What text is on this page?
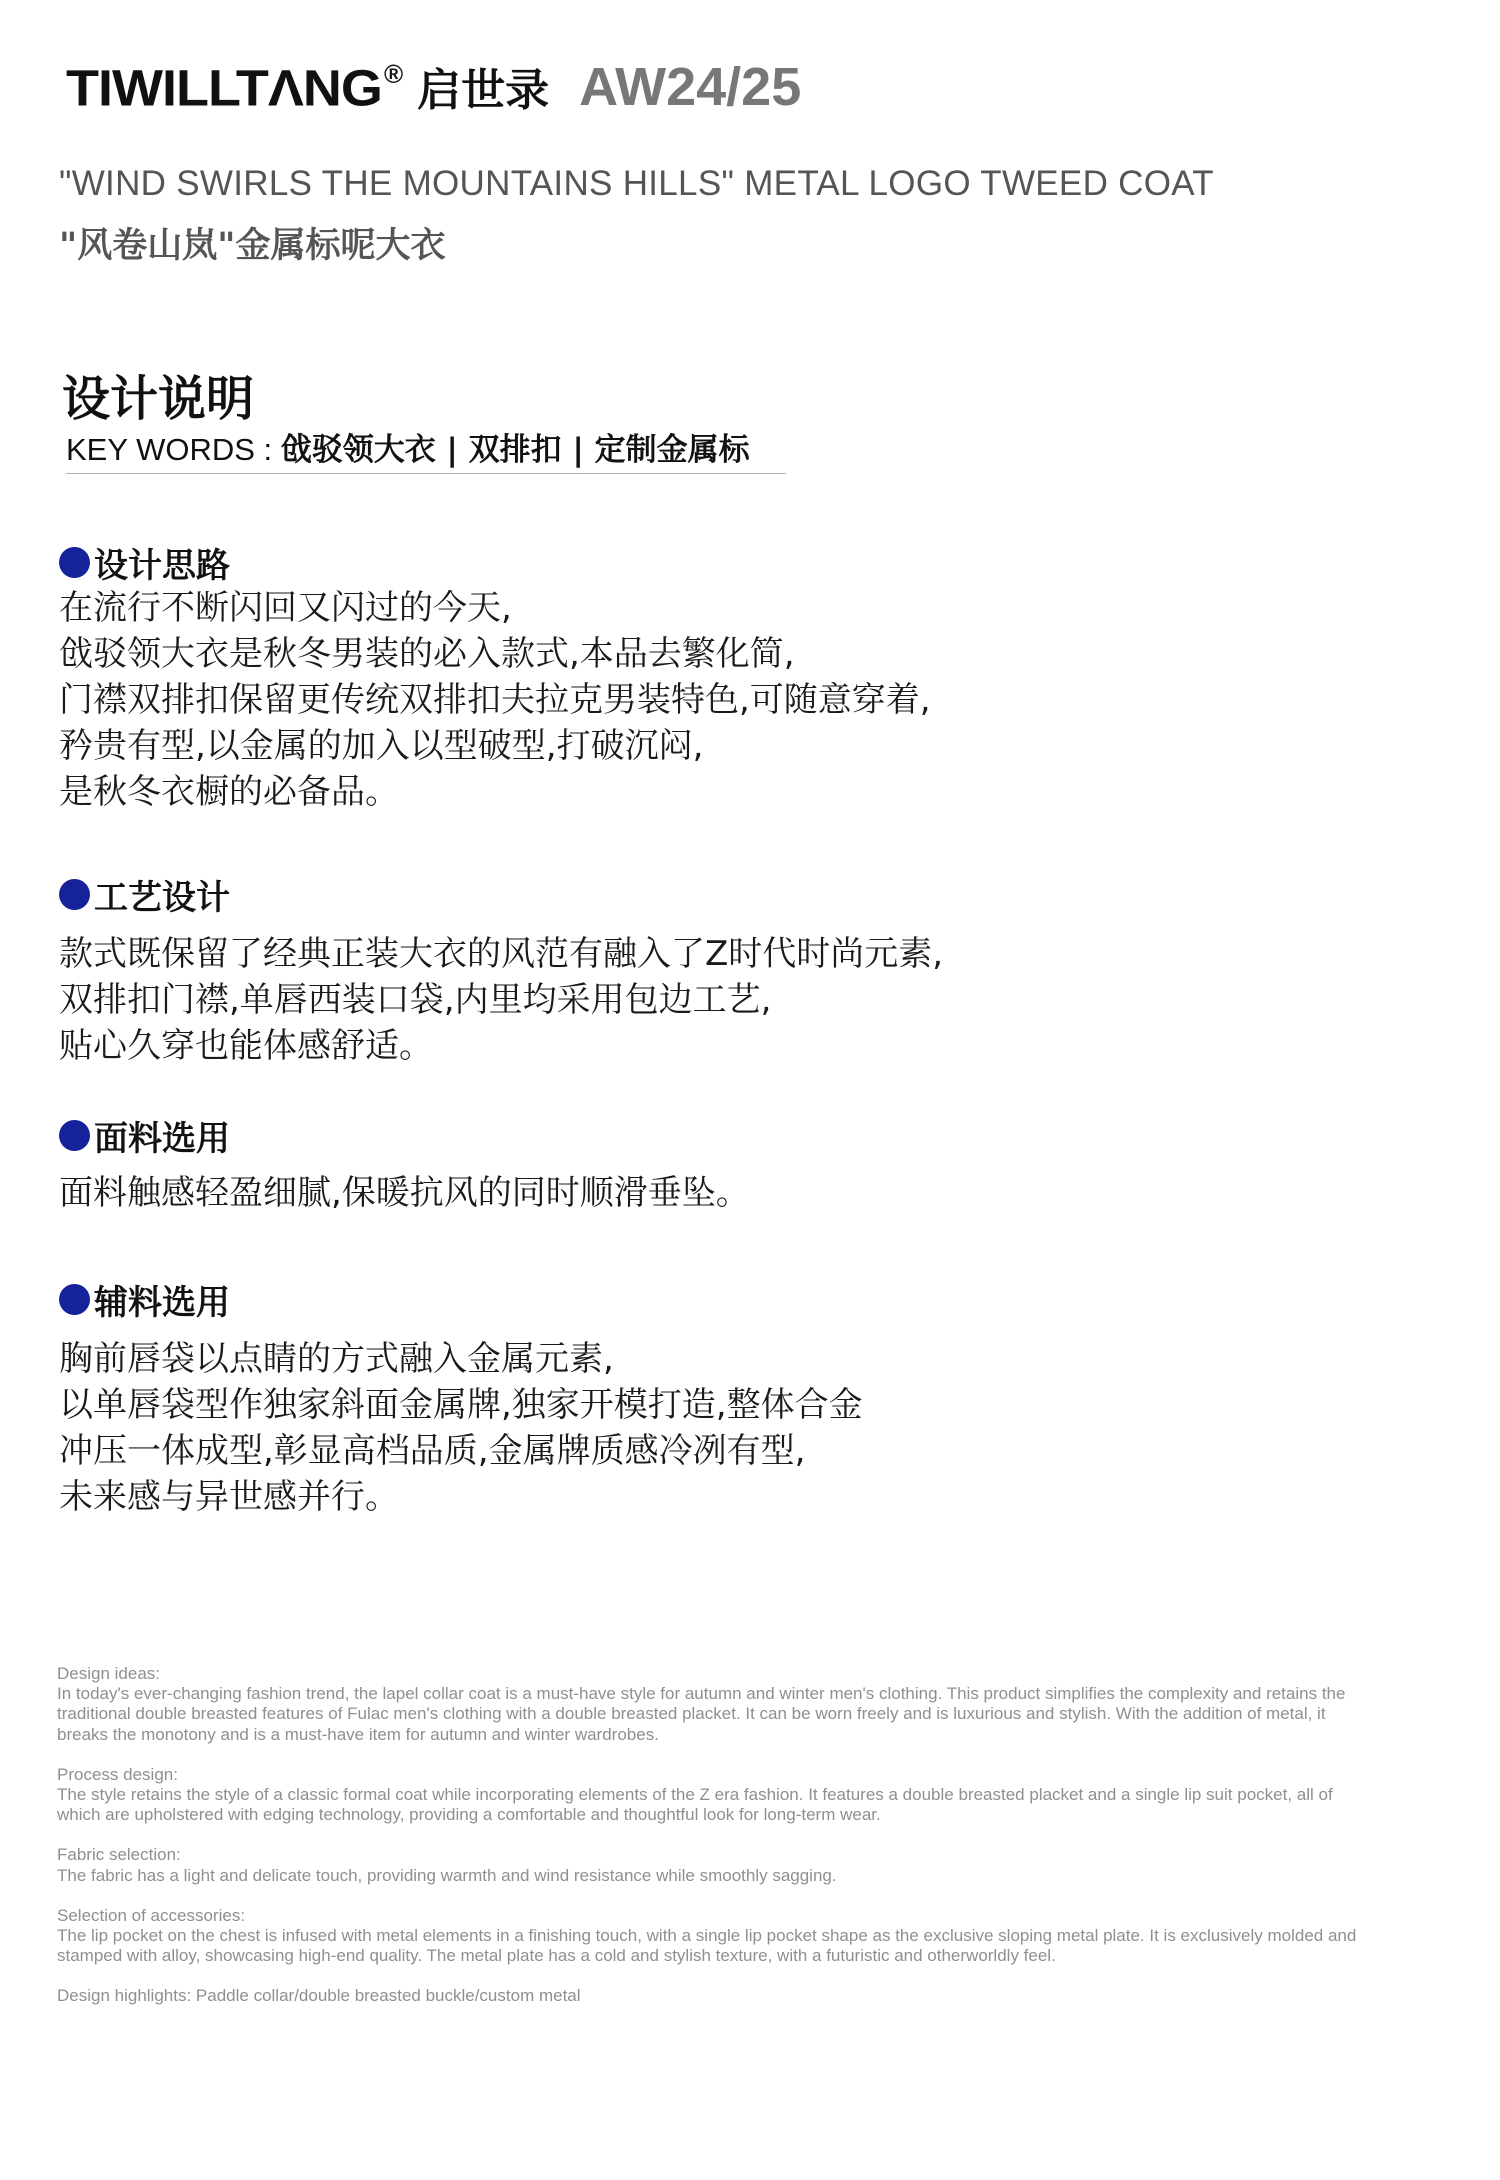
TIWILLTΛNG ® 启世录 AW24/25
"WIND SWIRLS THE MOUNTAINS HILLS" METAL LOGO TWEED COAT
"风卷山岚"金属标呢大衣
设计说明
KEY WORDS : 戗驳领大衣 | 双排扣 | 定制金属标
设计思路
在流行不断闪回又闪过的今天,
戗驳领大衣是秋冬男装的必入款式,本品去繁化简,
门襟双排扣保留更传统双排扣夫拉克男装特色,可随意穿着,
矜贵有型,以金属的加入以型破型,打破沉闷,
是秋冬衣橱的必备品。
工艺设计
款式既保留了经典正装大衣的风范有融入了Z时代时尚元素,
双排扣门襟,单唇西装口袋,内里均采用包边工艺,
贴心久穿也能体感舒适。
面料选用
面料触感轻盈细腻,保暖抗风的同时顺滑垂坠。
辅料选用
胸前唇袋以点睛的方式融入金属元素,
以单唇袋型作独家斜面金属牌,独家开模打造,整体合金
冲压一体成型,彰显高档品质,金属牌质感冷冽有型,
未来感与异世感并行。
Design ideas:
In today's ever-changing fashion trend, the lapel collar coat is a must-have style for autumn and winter men's clothing. This product simplifies the complexity and retains the traditional double breasted features of Fulac men's clothing with a double breasted placket. It can be worn freely and is luxurious and stylish. With the addition of metal, it breaks the monotony and is a must-have item for autumn and winter wardrobes.
Process design:
The style retains the style of a classic formal coat while incorporating elements of the Z era fashion. It features a double breasted placket and a single lip suit pocket, all of which are upholstered with edging technology, providing a comfortable and thoughtful look for long-term wear.
Fabric selection:
The fabric has a light and delicate touch, providing warmth and wind resistance while smoothly sagging.
Selection of accessories:
The lip pocket on the chest is infused with metal elements in a finishing touch, with a single lip pocket shape as the exclusive sloping metal plate. It is exclusively molded and stamped with alloy, showcasing high-end quality. The metal plate has a cold and stylish texture, with a futuristic and otherworldly feel.
Design highlights: Paddle collar/double breasted buckle/custom metal
